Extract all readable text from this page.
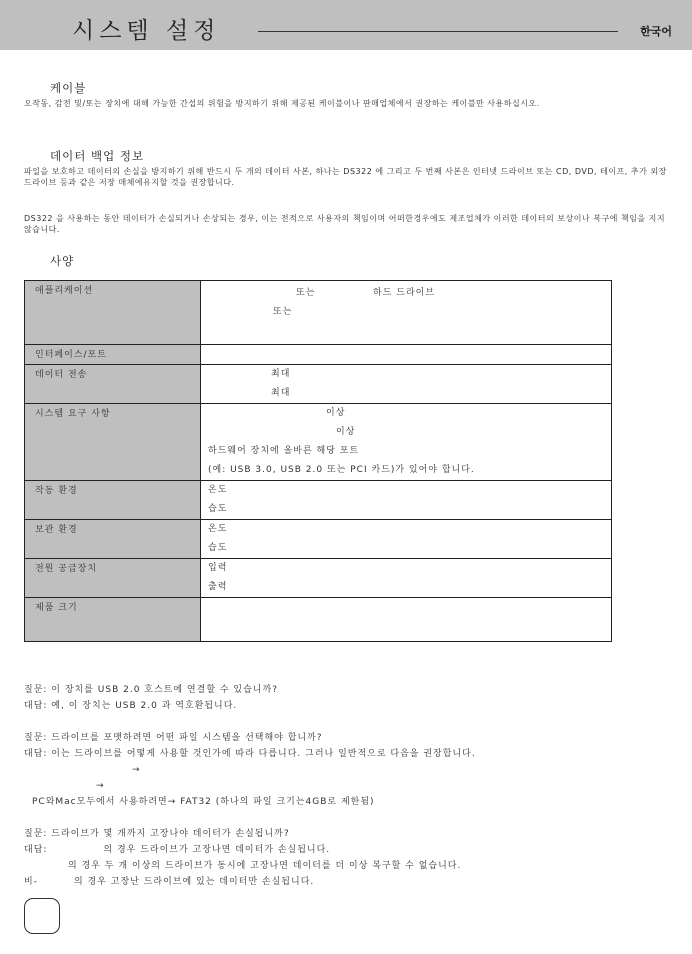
시스템 설정	한국어
케이블

오작동, 감전 및/또는 장치에 대해 가능한 간섭의 위험을 방지하기 위해 제공된 케이블이나 판매업체에서 권장하는 케이블만 사용하십시오.

데이터 백업 정보

파일을 보호하고 데이터의 손실을 방지하기 위해 반드시 두 개의 데이터 사본, 하나는 DS322 에 그리고 두 번째 사본은 인터넷 드라이브 또는 CD, DVD, 테이프, 추가 외장 드라이브 등과 같은 저장 매체에유지할 것을 권장합니다.

DS322 을 사용하는 동안 데이터가 손실되거나 손상되는 경우, 이는 전적으로 사용자의 책임이며 어떠한경우에도 제조업체가 이러한 데이터의 보상이나 복구에 책임을 지지 않습니다.

사양
애플리케이션	또는 하드 드라이브
또는

인터페이스/포트	
데이터 전송	최대
최대

시스템 요구 사항	이상
이상
하드웨어 장치에 올바른 해당 포트
(예: USB 3.0, USB 2.0 또는 PCI 카드)가 있어야 합니다.

작동 환경	온도
습도

보관 환경	온도
습도

전원 공급장치	입력
출력

제품 크기	
질문: 이 장치를 USB 2.0 호스트에 연결할 수 있습니까?
대답: 예, 이 장치는 USB 2.0 과 역호환됩니다.
질문: 드라이브를 포맷하려면 어떤 파일 시스템을 선택해야 합니까?
대답: 이는 드라이브를 어떻게 사용할 것인가에 따라 다릅니다. 그러나 일반적으로 다음을 권장합니다.
→
→
PC와Mac모두에서 사용하려면→ FAT32 (하나의 파일 크기는4GB로 제한됨)
질문: 드라이브가 몇 개까지 고장나야 데이터가 손실됩니까?
대답:	의 경우 드라이브가 고장나면 데이터가 손실됩니다.
의 경우 두 개 이상의 드라이브가 동시에 고장나면 데이터를 더 이상 복구할 수 없습니다.
비-	의 경우 고장난 드라이브에 있는 데이터만 손실됩니다.
